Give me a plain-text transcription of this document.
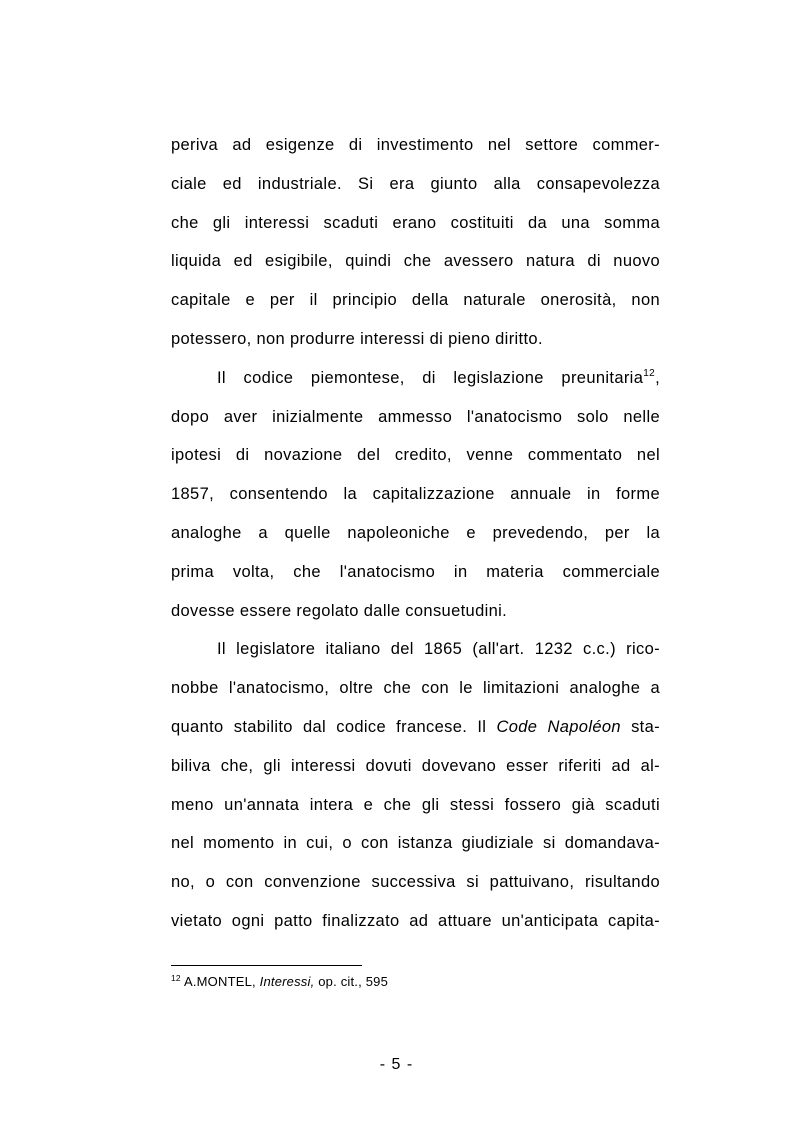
periva ad esigenze di investimento nel settore commer-
ciale ed industriale. Si era giunto alla consapevolezza
che gli interessi scaduti erano costituiti da una somma
liquida ed esigibile, quindi che avessero natura di nuovo
capitale e per il principio della naturale onerosità, non
potessero, non produrre interessi di pieno diritto.
Il codice piemontese, di legislazione preunitaria$^{12}$,
dopo aver inizialmente ammesso l'anatocismo solo nelle
ipotesi di novazione del credito, venne commentato nel
1857, consentendo la capitalizzazione annuale in forme
analoghe a quelle napoleoniche e prevedendo, per la
prima volta, che l'anatocismo in materia commerciale
dovesse essere regolato dalle consuetudini.
Il legislatore italiano del 1865 (all'art. 1232 c.c.) rico-
nobbe l'anatocismo, oltre che con le limitazioni analoghe a
quanto stabilito dal codice francese. Il Code Napoléon sta-
biliva che, gli interessi dovuti dovevano esser riferiti ad al-
meno un'annata intera e che gli stessi fossero già scaduti
nel momento in cui, o con istanza giudiziale si domandava-
no, o con convenzione successiva si pattuivano, risultando
vietato ogni patto finalizzato ad attuare un'anticipata capita-
$^{12}$ A.MONTEL, Interessi, op. cit., 595
- 5 -
